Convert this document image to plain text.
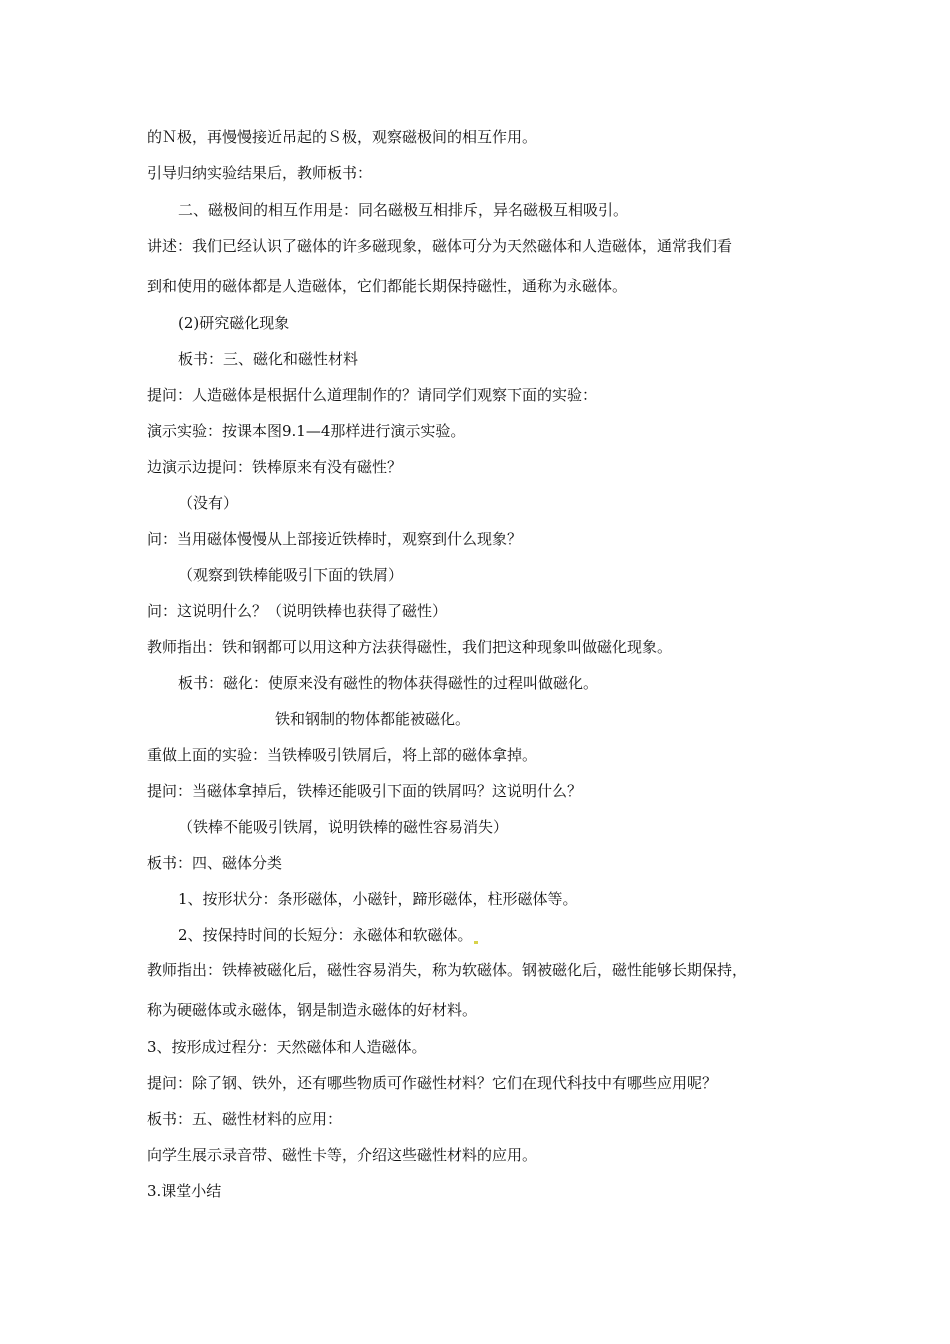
的Ｎ极，再慢慢接近吊起的Ｓ极，观察磁极间的相互作用。
引导归纳实验结果后，教师板书：
二、磁极间的相互作用是：同名磁极互相排斥，异名磁极互相吸引。
讲述：我们已经认识了磁体的许多磁现象，磁体可分为天然磁体和人造磁体，通常我们看
到和使用的磁体都是人造磁体，它们都能长期保持磁性，通称为永磁体。
(2)研究磁化现象
板书：三、磁化和磁性材料
提问：人造磁体是根据什么道理制作的？请同学们观察下面的实验：
演示实验：按课本图9.1—4那样进行演示实验。
边演示边提问：铁棒原来有没有磁性？
（没有）
问：当用磁体慢慢从上部接近铁棒时，观察到什么现象？
（观察到铁棒能吸引下面的铁屑）
问：这说明什么？（说明铁棒也获得了磁性）
教师指出：铁和钢都可以用这种方法获得磁性，我们把这种现象叫做磁化现象。
板书：磁化：使原来没有磁性的物体获得磁性的过程叫做磁化。
铁和钢制的物体都能被磁化。
重做上面的实验：当铁棒吸引铁屑后，将上部的磁体拿掉。
提问：当磁体拿掉后，铁棒还能吸引下面的铁屑吗？这说明什么？
（铁棒不能吸引铁屑，说明铁棒的磁性容易消失）
板书：四、磁体分类
1、按形状分：条形磁体，小磁针，蹄形磁体，柱形磁体等。
2、按保持时间的长短分：永磁体和软磁体。
教师指出：铁棒被磁化后，磁性容易消失，称为软磁体。钢被磁化后，磁性能够长期保持，
称为硬磁体或永磁体，钢是制造永磁体的好材料。
3、按形成过程分：天然磁体和人造磁体。
提问：除了钢、铁外，还有哪些物质可作磁性材料？它们在现代科技中有哪些应用呢？
板书：五、磁性材料的应用：
向学生展示录音带、磁性卡等，介绍这些磁性材料的应用。
3.课堂小结
